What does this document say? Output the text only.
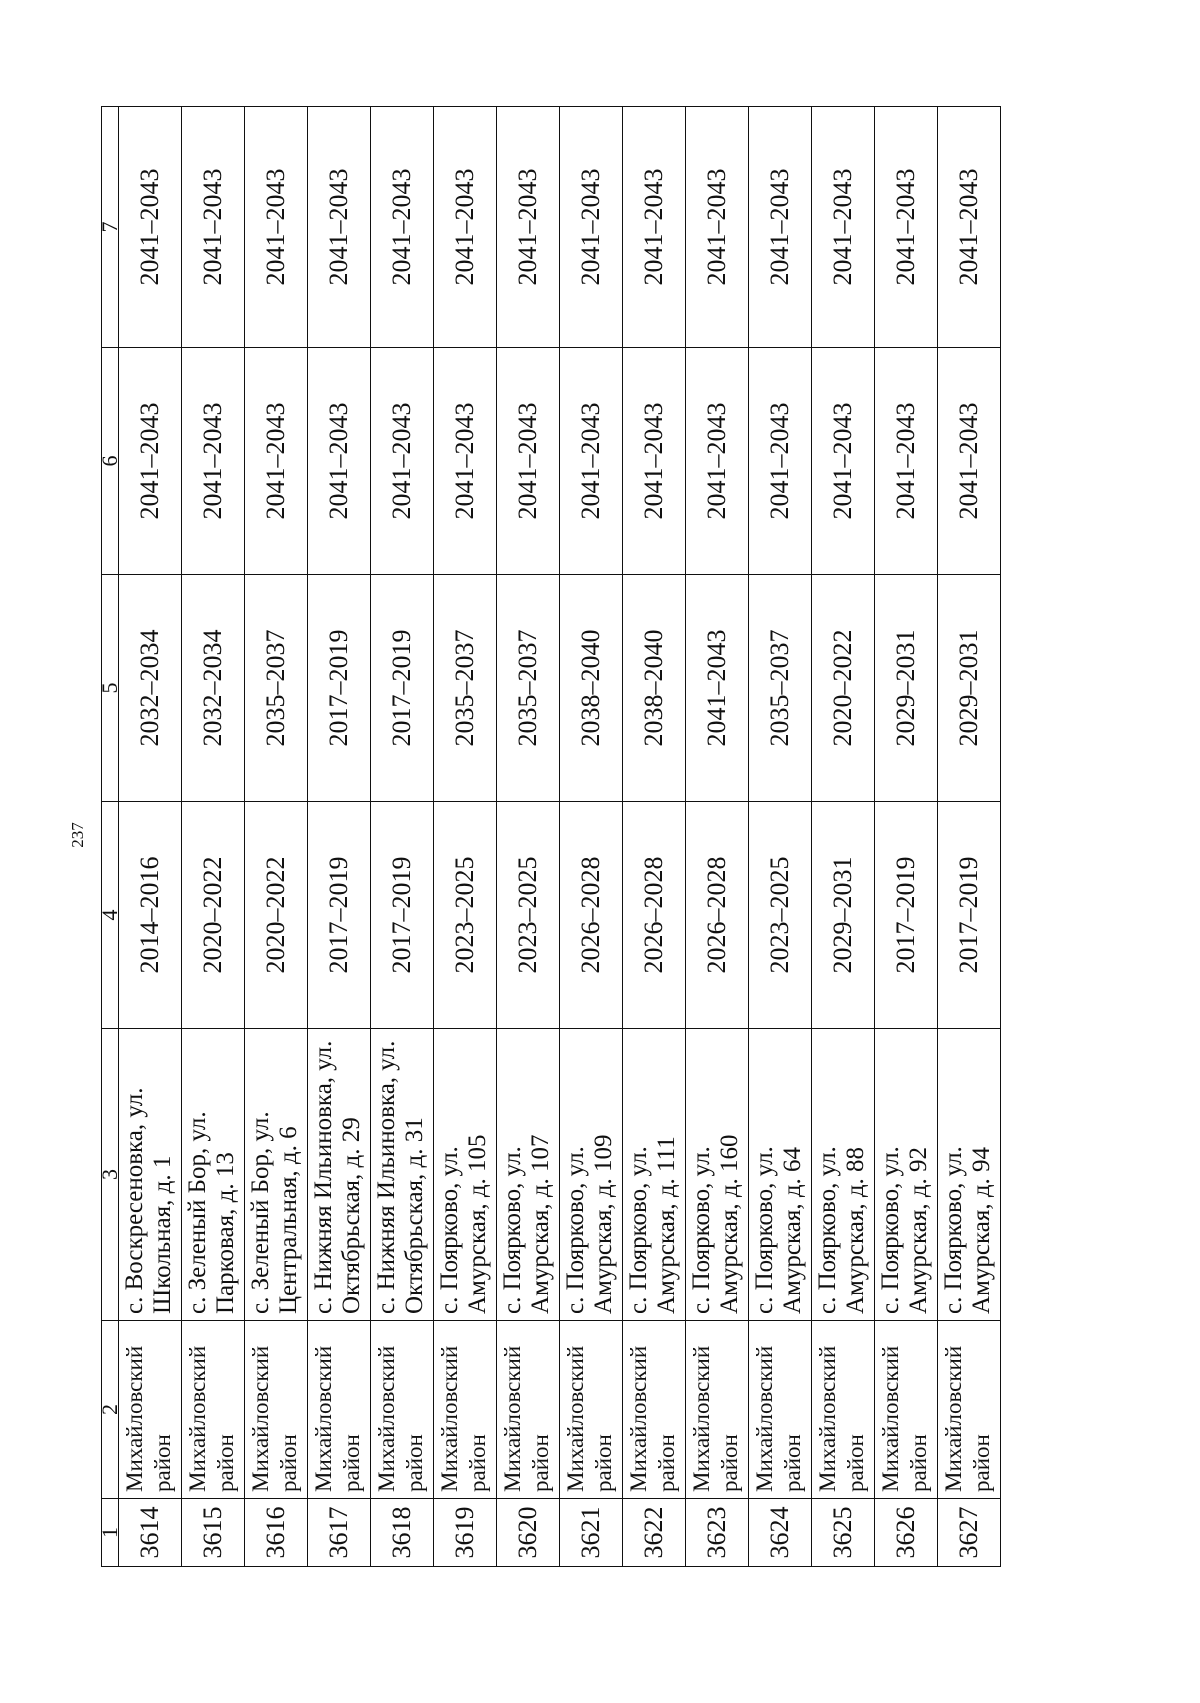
237
1	2	3	4	5	6	7
3614	Михайловский район	с. Воскресеновка, ул. Школьная, д. 1	2014–2016	2032–2034	2041–2043	2041–2043
3615	Михайловский район	с. Зеленый Бор, ул. Парковая, д. 13	2020–2022	2032–2034	2041–2043	2041–2043
3616	Михайловский район	с. Зеленый Бор, ул. Центральная, д. 6	2020–2022	2035–2037	2041–2043	2041–2043
3617	Михайловский район	с. Нижняя Ильиновка, ул. Октябрьская, д. 29	2017–2019	2017–2019	2041–2043	2041–2043
3618	Михайловский район	с. Нижняя Ильиновка, ул. Октябрьская, д. 31	2017–2019	2017–2019	2041–2043	2041–2043
3619	Михайловский район	с. Поярково, ул. Амурская, д. 105	2023–2025	2035–2037	2041–2043	2041–2043
3620	Михайловский район	с. Поярково, ул. Амурская, д. 107	2023–2025	2035–2037	2041–2043	2041–2043
3621	Михайловский район	с. Поярково, ул. Амурская, д. 109	2026–2028	2038–2040	2041–2043	2041–2043
3622	Михайловский район	с. Поярково, ул. Амурская, д. 111	2026–2028	2038–2040	2041–2043	2041–2043
3623	Михайловский район	с. Поярково, ул. Амурская, д. 160	2026–2028	2041–2043	2041–2043	2041–2043
3624	Михайловский район	с. Поярково, ул. Амурская, д. 64	2023–2025	2035–2037	2041–2043	2041–2043
3625	Михайловский район	с. Поярково, ул. Амурская, д. 88	2029–2031	2020–2022	2041–2043	2041–2043
3626	Михайловский район	с. Поярково, ул. Амурская, д. 92	2017–2019	2029–2031	2041–2043	2041–2043
3627	Михайловский район	с. Поярково, ул. Амурская, д. 94	2017–2019	2029–2031	2041–2043	2041–2043
